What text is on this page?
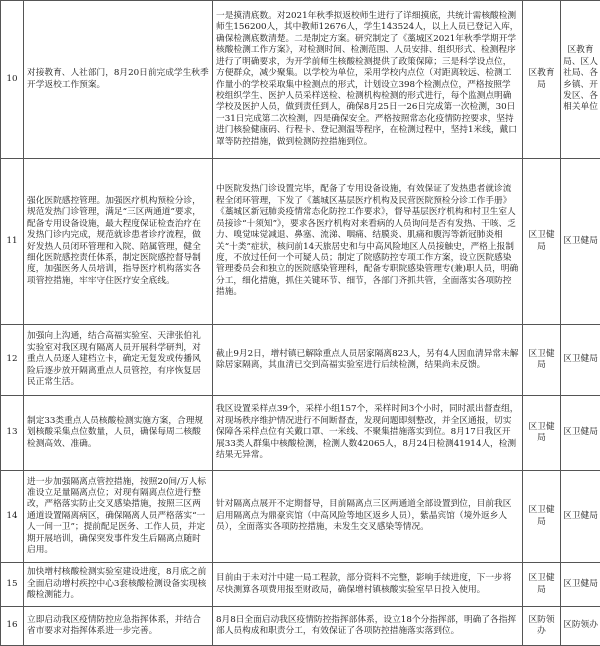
10	对接教育、人社部门，8月20日前完成学生秋季开学返校工作预案。	一是摸清底数。对2021年秋季拟返校师生进行了详细摸底，共统计需核酸检测师生156200人，其中教师12676人，学生143524人，以上人员已登记入库，确保检测底数清楚。二是制定方案。研究制定了《藁城区2021年秋季学期开学核酸检测工作方案》，对检测时间、检测范围、人员安排、组织形式、检测程序进行了明确要求，为开学前师生核酸检测提供了政策保障；三是科学设点位，方便群众，减少聚集。以学校为单位，采用学校内点位（对距离较远、检测工作量小的学校采取集中检测点的形式，计划设立398个检测点位，严格按照学校组织学生、医护人员采样送检、检测机构检测的形式进行，每个监测点明确学校及医护人员，做到责任到人，确保8月25日一26日完成第一次检测，30日一31日完成第二次检测，四是确保安全。严格按照常态化疫情防控要求，坚持进门核验健康码、行程卡、登记测温等程序，在检测过程中，坚持1米线，戴口罩等防控措施，做到检测防控措施到位。	区教育局	区教育局、区人社局、各乡镇、开发区、各相关单位
11	强化医院感控管理。加强医疗机构预检分诊，规范发热门诊管理，满足“三区两通道”要求，配备专用设备设施，最大程度保证检查治疗在发热门诊内完成，规范就诊患者诊疗流程，做好发热人员闭环管理和入院、陪属管理，健全细化医院感控责任体系，制定医院感控督导制度，加强医务人员培训，指导医疗机构落实各项管控措施，牢牢守住医疗安全底线。	中医院发热门诊设置完毕，配备了专用设备设施，有效保证了发热患者就诊流程全闭环管理，下发了《藁城区基层医疗机构及民营医院预检分诊工作手册》《藁城区新冠肺炎疫情常态化防控工作要求》，督导基层医疗机构和村卫生室人员接诊“十须知”》，要求各医疗机构对来看病的人员询问是否有发热、干咳、乏力、嗅觉味觉减退、鼻塞、流涕、咽痛、结膜炎、肌痛和腹泻等新冠肺炎相关“十类”症状，核问前14天旅居史和与中高风险地区人员接触史，严格上报制度，不放过任何一个可疑人员；制定了院感防控专项工作方案，设立医院感染管理委员会和独立的医院感染管理科，配备专职院感染管理专(兼)职人员，明确分工，细化措施，抓住关键环节、细节，各部门齐抓共管，全面落实各项防控措施。	区卫健局	区卫健局
12	加强向上沟通，结合高福实验室、天津张伯礼实验室对我区现有隔离人员开展科学研判，对重点人员逐人建档立卡，确定无复发或传播风险后逐步放开隔离重点人员管控，有序恢复居民正常生活。	截止9月2日，增村镇已解除重点人员居家隔离823人，另有4人因血清异常未解除居家隔离，其血清已交到高福实验室进行后续检测，结果尚未反馈。	区卫健局	区卫健局
13	制定33类重点人员核酸检测实施方案，合理规划核酸采集点位数量，人员，确保每周二核酸检测高效、准确。	我区设置采样点39个，采样小组157个，采样时间3个小时，同时派出督查组，对现场秩序维护情况进行不间断督查，发现问题即刻整改，并全区通报，切实保障各采样点位有关戴口罩、一米线、不聚集措施落实到位。8月17日我区开展33类人群集中核酸检测，检测人数42065人，8月24日检测41914人，检测结果无异常。	区卫健局	区卫健局
14	进一步加强隔离点管控措施，按照20间/万人标准设立足量隔离点位；对现有隔离点位进行整改，严格落实防止交叉感染措施，按照三区两通道设置隔离病区，确保隔离人员严格落实“一人一间一卫”；提前配足医务、工作人员，并定期开展培训，确保突发事件发生后隔离点随时启用。	针对隔离点展开不定期督导，目前隔离点三区两通道全部设置到位，目前我区启用隔离点为鼎豪宾馆（中高风险等地区返乡人员），紫晶宾馆（境外返乡人员），全面落实各项防控措施，未发生交叉感染等情况。	区卫健局	区卫健局
15	加快增村核酸检测实验室建设进度，8月底之前全面启动增村疾控中心3套核酸检测设备实现核酸检测能力。	目前由于未对汁中建一局工程款，部分资料不完整，影响手续进度，下一步将尽快测算各项费用报至财政局，确保增村镇核酸实验室早日投入使用。	区卫健局	区卫健局
16	立即启动我区疫情防控应急指挥体系，并结合省市要求对指挥体系进一步完善。	8月8日全面启动我区疫情防控指挥部体系，设立18个分指挥部，明确了各指挥部人员构成和职责分工，有效保证了各项防控措施落实落到位。	区防领办	区防领办
